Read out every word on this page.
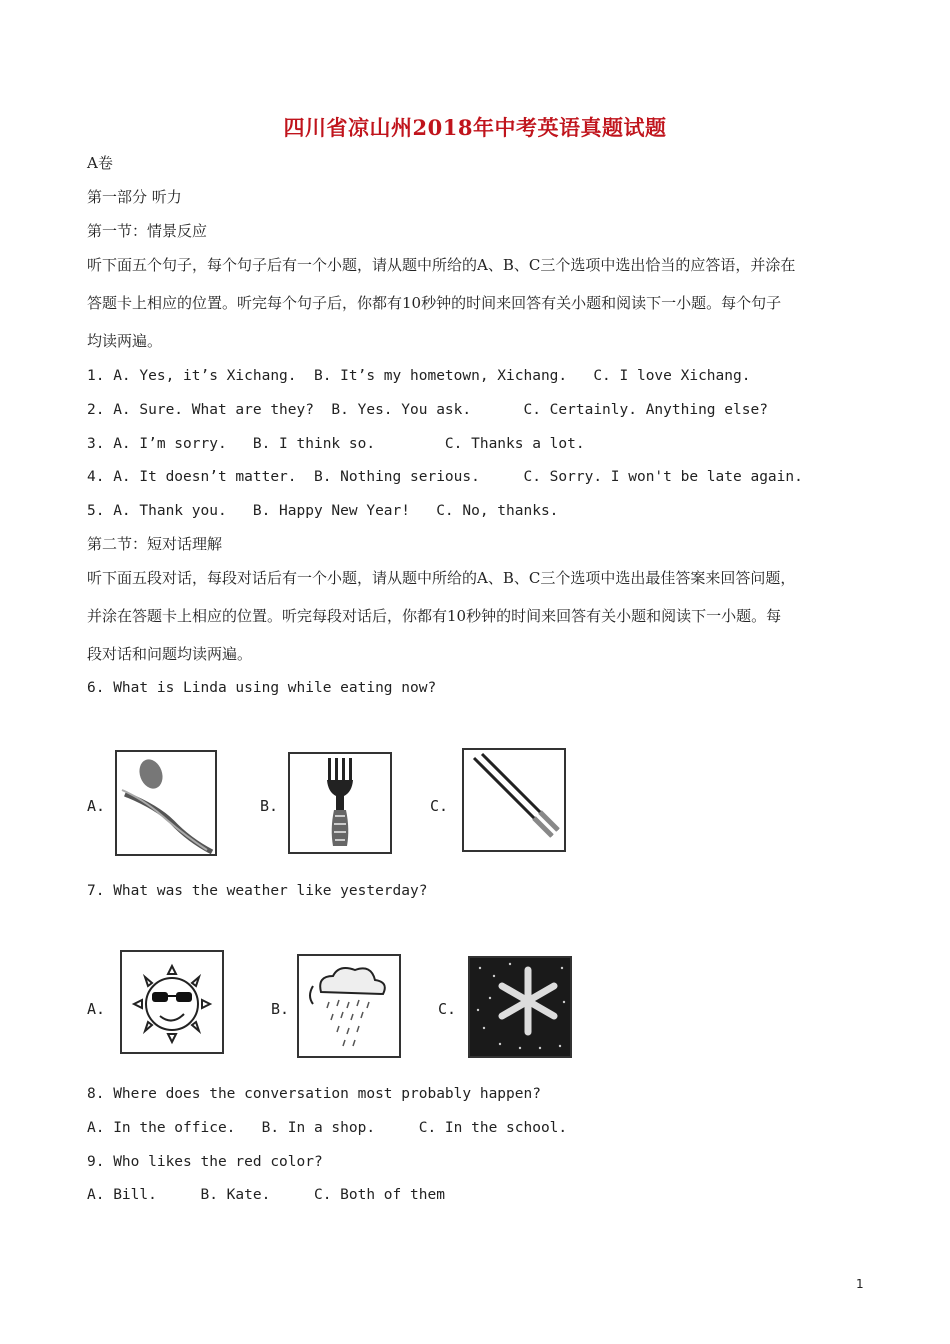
四川省凉山州2018年中考英语真题试题
A卷
第一部分 听力
第一节：情景反应
听下面五个句子，每个句子后有一个小题，请从题中所给的A、B、C三个选项中选出恰当的应答语，并涂在
答题卡上相应的位置。听完每个句子后，你都有10秒钟的时间来回答有关小题和阅读下一小题。每个句子
均读两遍。
1. A. Yes, it’s Xichang.  B. It’s my hometown, Xichang.   C. I love Xichang.
2. A. Sure. What are they?  B. Yes. You ask.      C. Certainly. Anything else?
3. A. I’m sorry.   B. I think so.        C. Thanks a lot.
4. A. It doesn’t matter.  B. Nothing serious.     C. Sorry. I won't be late again.
5. A. Thank you.   B. Happy New Year!   C. No, thanks.
第二节：短对话理解
听下面五段对话，每段对话后有一个小题，请从题中所给的A、B、C三个选项中选出最佳答案来回答问题，
并涂在答题卡上相应的位置。听完每段对话后，你都有10秒钟的时间来回答有关小题和阅读下一小题。每
段对话和问题均读两遍。
6. What is Linda using while eating now?
A.	B.	C.
7. What was the weather like yesterday?
A.	B.	C.
8. Where does the conversation most probably happen?
A. In the office.   B. In a shop.     C. In the school.
9. Who likes the red color?
A. Bill.     B. Kate.     C. Both of them
1
